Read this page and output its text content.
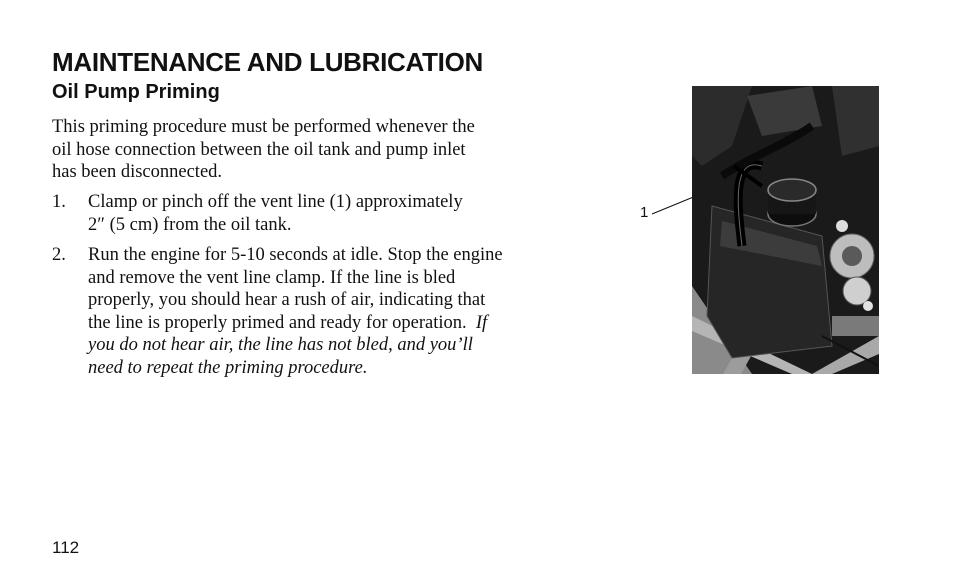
MAINTENANCE AND LUBRICATION
Oil Pump Priming

This priming procedure must be performed whenever the
oil hose connection between the oil tank and pump inlet
has been disconnected.

1. Clamp or pinch off the vent line (1) approximately
2″ (5 cm) from the oil tank.
2. Run the engine for 5-10 seconds at idle. Stop the engine
and remove the vent line clamp. If the line is bled
properly, you should hear a rush of air, indicating that
the line is properly primed and ready for operation. If
you do not hear air, the line has not bled, and you’ll
need to repeat the priming procedure.
1
112
